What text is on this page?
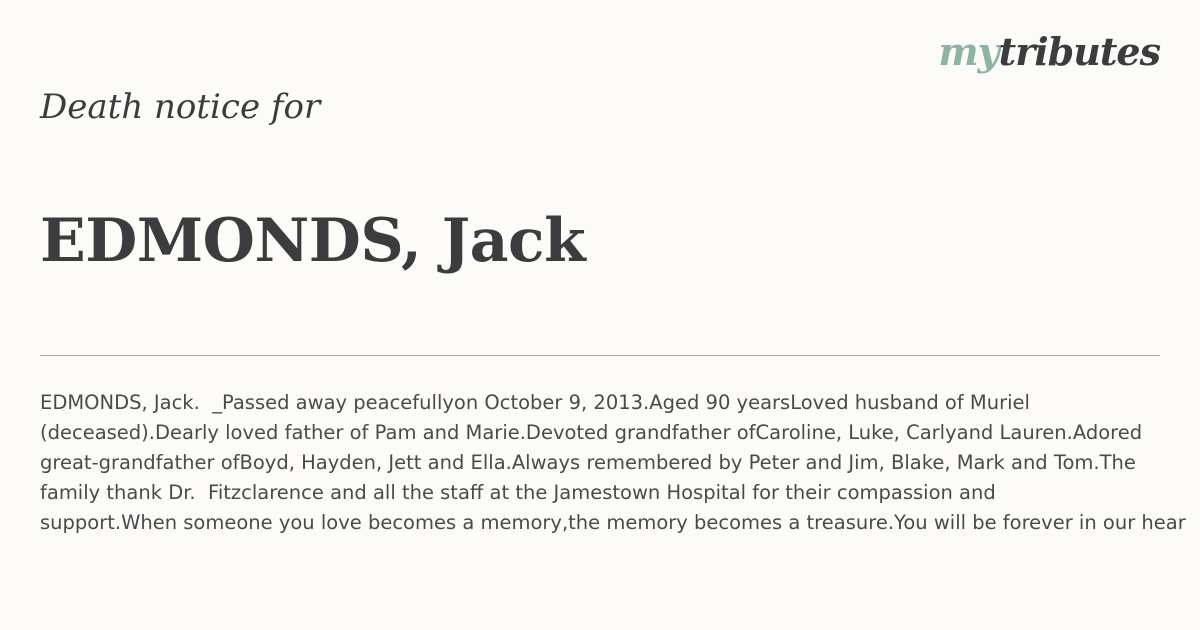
mytributes
Death notice for
EDMONDS, Jack
EDMONDS, Jack.  _Passed away peacefullyon October 9, 2013.Aged 90 yearsLoved husband of Muriel
(deceased).Dearly loved father of Pam and Marie.Devoted grandfather ofCaroline, Luke, Carlyand Lauren.Adored
great-grandfather ofBoyd, Hayden, Jett and Ella.Always remembered by Peter and Jim, Blake, Mark and Tom.The
family thank Dr.  Fitzclarence and all the staff at the Jamestown Hospital for their compassion and
support.When someone you love becomes a memory,the memory becomes a treasure.You will be forever in our hear
